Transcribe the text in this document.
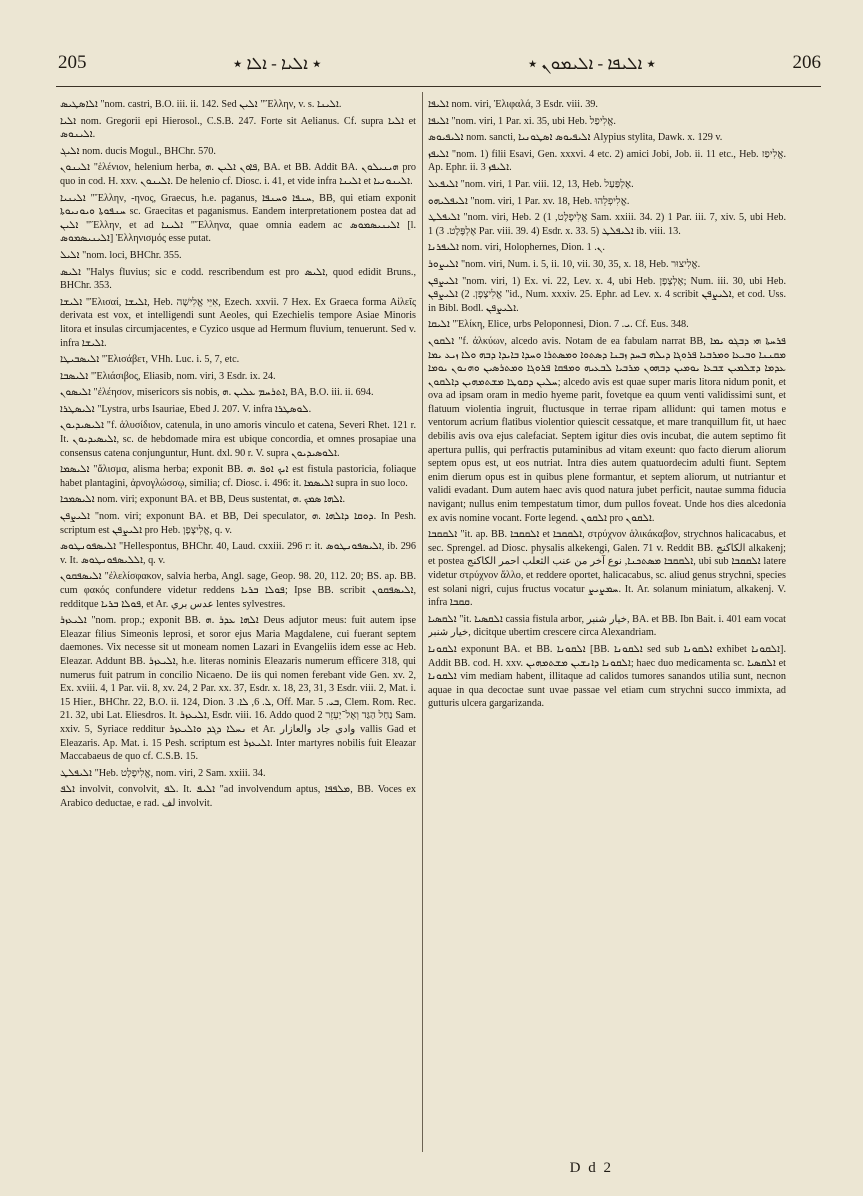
205	٭ ܐܠܝܐ - ܐܠܐ ٭	٭ ܐܠܝܦܐ - ܐܠܝܡܘܢ ٭	206

ܐܠܐܣܛܝܣ "nom. castri, B.O. iii. ii. 142. Sed ܐܠܝܢ "Ἕλλην, v. s. ܐܠܝܢܐ.

ܐܠܝܐ nom. Gregorii epi Hierosol., C.S.B. 247. Forte sit Aelianus. Cf. supra ܐܠܝܐ et ܐܠܝܢܘܣ.

ܐܠܝܓ nom. ducis Mogul., BHChr. 570.

ܐܠܝܢܘܢ "ἑλένιον, helenium herba, ܦܐܘܢ ܐܠܝܢ .ܗ, BA. et BB. Addit BA. ܗܝܢܝܠܘܢ pro quo in cod. H. xxv. ܐܠܝܢܘܢ. De helenio cf. Diosc. i. 41, et vide infra ܐܠܝܢܐ et ܐܠܝܢܘܢܝܐ.

ܐܠܝܢܝܐ "Ἕλλην, -ηνος, Graecus, h.e. paganus, ܚܢܦܐ ܘܚܢܦܐ, BB, qui etiam exponit ܚܢܦܘܬܐ ܘܝܘܢܝܘܬܐ sc. Graecitas et paganismus. Eandem interpretationem postea dat ad ܐܠܝܢ "Ἕλλην, et ad ܐܠܝܢܐ "Ἕλληνα, quae omnia eadem ac ܐܠܝܢܝܣܡܘܣ [l. ܐܠܝܢܝܣܡܘܣ] Ἑλληνισμός esse putat.

ܐܠܝܠ "nom. loci, BHChr. 355.

ܐܠܝܣ "Halys fluvius; sic e codd. rescribendum est pro ܐܠܝܣ, quod edidit Bruns., BHChr. 353.

ܐܠܝܫܐ "Ἐλισαί, ܐܠܝܫܐ, Heb. אִיֵּי אֱלִישָׁה, Ezech. xxvii. 7 Hex. Ex Graeca forma Αἰλεῖς derivata est vox, et intelligendi sunt Aeoles, qui Ezechielis tempore Asiae Minoris litora et insulas circumjacentes, e Cyzico usque ad Hermum fluvium, tenuerunt. Sed v. infra ܐܠܝܫܐ.

ܐܠܝܣܒܝܛܐ "Ἐλισάβετ, VHh. Luc. i. 5, 7, etc.

ܐܠܝܣܒܐ "Ἐλιάσιβος, Eliasib, nom. viri, 3 Esdr. ix. 24.

ܐܠܝܣܘܢ "ἐλέησον, misericors sis nobis, ܐܬܪܚܡ ܥܠܝܢ .ܗ, BA, B.O. iii. ii. 694.

ܐܠܝܣܛܪܐ "Lystra, urbs Isauriae, Ebed J. 207. V. infra ܠܘܣܛܪܐ.

ܐܠܝܣܝܕܝܘܢ "f. ἁλυσίδιον, catenula, in uno amoris vinculo et catena, Severi Rhet. 121 r. It. ܐܠܝܣܝܕܝܘܢ, sc. de hebdomade mira est ubique concordia, et omnes prosapiae una consensus catena conjunguntur, Hunt. dxl. 90 r. V. supra ܐܠܘܣܝܕܝܘܢ.

ܐܠܝܣܡܐ "ἄλισμα, alisma herba; exponit BB. ܐܝܟ ܐܘܦ .ܗ est fistula pastoricia, foliaque habet plantagini, ἀρνογλώσσῳ, similia; cf. Diosc. i. 496: it. ܐܠܝܣܡܐ supra in suo loco.

ܐܠܝܣܡܟܐ nom. viri; exponunt BA. et BB, Deus sustentat, ܐܠܗܐ ܣܡܟ .ܗ.

ܐܠܝܨܦܢ "nom. viri; exponunt BA. et BB, Dei speculator, ܕܘܩܐ ܕܐܠܗܐ .ܗ. In Pesh. scriptum est ܐܠܝܨܦܢ pro Heb. אֱלִיצָפָן, q. v.

ܐܠܝܣܦܘܢܛܘܣ "Hellespontus, BHChr. 40, Laud. cxxiii. 296 r: it. ܐܠܝܣܦܘܢܛܘܣ, ib. 296 v. It. ܐܠܠܝܣܦܘܢܛܘܣ, q. v.

ܐܠܝܣܦܩܘܢ "ἐλελίσφακον, salvia herba, Angl. sage, Geop. 98. 20, 112. 20; BS. ap. BB. cum φακός confundere videtur reddens ܦܘܠܐ ܒܪܝܐ; Ipse BB. scribit ܐܠܝܣܦܩܘܢ, redditque ܦܘܠܐ ܒܪܝܐ, et Ar. عدس بري lentes sylvestres.

ܐܠܝܥܙܪ "nom. prop.; exponit BB. ܐܠܗܐ ܥܕܪ .ܗ Deus adjutor meus: fuit autem ipse Eleazar filius Simeonis leprosi, et soror ejus Maria Magdalene, cui fuerant septem daemones. Vix necesse sit ut moneam nomen Lazari in Evangeliis idem esse ac Heb. Eleazar. Addunt BB. ܐܠܝܥܙܪ, h.e. literas nominis Eleazaris numerum efficere 318, qui numerus fuit patrum in concilio Nicaeno. De iis qui nomen ferebant vide Gen. xv. 2, Ex. xviii. 4, 1 Par. vii. 8, xv. 24, 2 Par. xx. 37, Esdr. x. 18, 23, 31, 3 Esdr. viii. 2, Mat. i. 15 Hier., BHChr. 22, B.O. ii. 124, Dion. ܠ. 6, ܠܐ. 3, Off. Mar. ܒܝ. 5, Clem. Rom. Rec. 21. 32, ubi Lat. Eliesdros. It. ܐܠܝܥܙܪ, Esdr. viii. 16. Addo quod נַחַל הַגַּד וְאֶל־יַעְזֵר 2 Sam. xxiv. 5, Syriace redditur ܢܚܠܐ ܕܓܕ ܘܐܠܝܥܙܪ et Ar. وادي جاد والعازار vallis Gad et Eleazaris. Ap. Mat. i. 15 Pesh. scriptum est ܐܠܝܥܙܪ. Inter martyres nobilis fuit Eleazar Maccabaeus de quo cf. C.S.B. 15.

ܐܠܝܦܠܛ "Heb. אֱלִיפֶלֶט, nom. viri, 2 Sam. xxiii. 34.

ܐܠܦ involvit, convolvit, ܠܦ. It. ܐܠܝܦ "ad involvendum aptus, ܡܠܦܦܐ, BB. Voces ex Arabico deductae, e rad. لف involvit.

ܐܠܝܦܐ nom. viri, Ἐλιφαλά, 3 Esdr. viii. 39.

ܐܠܝܦܐ "nom. viri, 1 Par. xi. 35, ubi Heb. אֱלִיפַל.

ܐܠܝܦܝܘܣ nom. sancti, ܐܠܝܦܝܘܣ ܐܣܛܘܢܝܐ Alypius stylita, Dawk. x. 129 v.

ܐܠܝܦܙ "nom. 1) filii Esavi, Gen. xxxvi. 4 etc. 2) amici Jobi, Job. ii. 11 etc., Heb. אֱלִיפַז. Ap. Ephr. ii. 3 ܐܠܝܦܙ.

ܐܠܝܦܥܠ "nom. viri, 1 Par. viii. 12, 13, Heb. אֶלְפַּעַל.

ܐܠܝܦܠܝܗܘ "nom. viri, 1 Par. xv. 18, Heb. אֱלִיפְלֵהוּ.

ܐܠܝܦܠܛ "nom. viri, Heb. אֱלִיפֶלֶט, 1) 2 Sam. xxiii. 34. 2) 1 Par. iii. 7, xiv. 5, ubi Heb. אֶלְפֶּלֶט. 3) 1 Par. viii. 39. 4) Esdr. x. 33. 5) ܐܠܝܦܠܛ ib. viii. 13.

ܐܠܝܦܪܢܐ nom. viri, Holophernes, Dion. ܢ. 1.

ܐܠܝܨܘܪ "nom. viri, Num. i. 5, ii. 10, vii. 30, 35, x. 18, Heb. אֱלִיצוּר.

ܐܠܝܨܦܢ "nom. viri, 1) Ex. vi. 22, Lev. x. 4, ubi Heb. אֶלְצָפָן; Num. iii. 30, ubi Heb. אֱלִיצָפָן. 2) ܐܠܝܨܦܢ "id., Num. xxxiv. 25. Ephr. ad Lev. x. 4 scribit ܐܠܝܨܦܢ, et cod. Uss. in Bibl. Bodl. ܐܠܝܨܦܢ.

ܐܠܝܩܐ "Ἑλίκη, Elice, urbs Peloponnesi, Dion. ܝ. 7. Cf. Eus. 348.

ܐܠܩܘܢ "f. ἀλκύων, alcedo avis. Notam de ea fabulam narrat BB, ܦܪܚܬܐ ܗܝ ܕܒܓܘ ܝܡܐ ܡܩܢܢܐ ܘܒܝܥܐ ܘܡܪܒܝܐ ܦܪܘܓܐ ܕܝܠܗ ܒܚܕ ܙܒܢܐ ܕܣܬܘܐ ܘܡܣܬܪܐ ܘܚܕܐ ܒܐܝܕܐ ܕܒܗ ܘܠܐ ܙܝܥ ܝܡܐ ܥܕܡܐ ܕܫܠܡܝܢ ܫܒܥܐ ܝܘܡܝܢ ܕܒܗܘܢ ܡܪܒܝܐ ܠܒܥܝܗ ܘܡܦܩܐ ܦܪܘܓܐ ܘܡܬܪܣܝܢ ܘܗܢܘܢ ܝܘܡܐ ܚܠܝܢ ܕܩܘܛܐ ܡܫܬܡܗܝܢ ܕܐܠܩܘܢ; alcedo avis est quae super maris litora nidum ponit, et ova ad ipsam oram in medio hyeme parit, fovetque ea quum venti validissimi sunt, et flatuum violentia ingruit, fluctusque in terrae ripam allidunt: qui tamen motus e ventorum acrium flatibus violentior quiescit cessatque, et mare tranquillum fit, ut haec debilis avis ova ejus calefaciat. Septem igitur dies ovis incubat, die autem septimo fit apertura pullis, qui perfractis putaminibus ad vitam exeunt: quo facto dierum aliorum septem opus est, ut eos nutriat. Intra dies autem quatuordecim adulti fiunt. Septem enim dierum opus est in quibus plene formantur, et septem aliorum, ut nutriantur et validi evadant. Dum autem haec avis quod natura jubet perficit, nautae summa fiducia navigant; nullus enim tempestatum timor, dum pullos foveat. Unde hos dies alcedonia ex avis nomine vocant. Forte legend. ܐܠܩܘܢ pro ܐܠܩܘܢ.

ܐܠܩܩܒܐ "it. ap. BB. ܐܠܩܩܒܐ et ܐܠܩܩܒܐ, στρύχνον ἁλικάκαβον, strychnos halicacabus, et sec. Sprengel. ad Diosc. physalis alkekengi, Galen. 71 v. Reddit BB. الكاكنج alkakenj; et postea ܐܠܩܩܒܐ ܡܣܬܟܢܐ, نوع آخر من عنب الثعلب احمر الكاكنج, ubi sub ܐܠܩܩܒܐ latere videtur στρύχνον ἄλλο, et reddere oportet, halicacabus, sc. aliud genus strychni, species est solani nigri, cujus fructus vocatur ܚܡܨܝܨ. It. Ar. solanum miniatum, alkakenj. V. infra ܩܩܒܐ.

ܐܠܩܣܝܐ "it. ܐܠܩܣܝܐ cassia fistula arbor, خيار شنبر, BA. et BB. Ibn Bait. i. 401 eam vocat خيار شنبر, dicitque ubertim crescere circa Alexandriam.

ܐܠܩܘܢܐ exponunt BA. et BB. ܐܠܩܘܢܐ [BB. ܐܠܩܘܢܐ sed sub ܐܠܩܘܢܐ exhibet ܐܠܩܘܢܐ]. Addit BB. cod. H. xxv. ܐܠܩܘܢܐ ܕܐܢܫܝܢ ܡܫܬܡܗܝܢ; haec duo medicamenta sc. ܐܠܩܣܝܐ et ܐܠܩܘܢܐ vim mediam habent, illitaque ad calidos tumores sanandos utilia sunt, necnon aquae in qua decoctae sunt uvae passae vel etiam cum strychni succo immixta, ad gutturis ulcera gargarizanda.

D d 2
